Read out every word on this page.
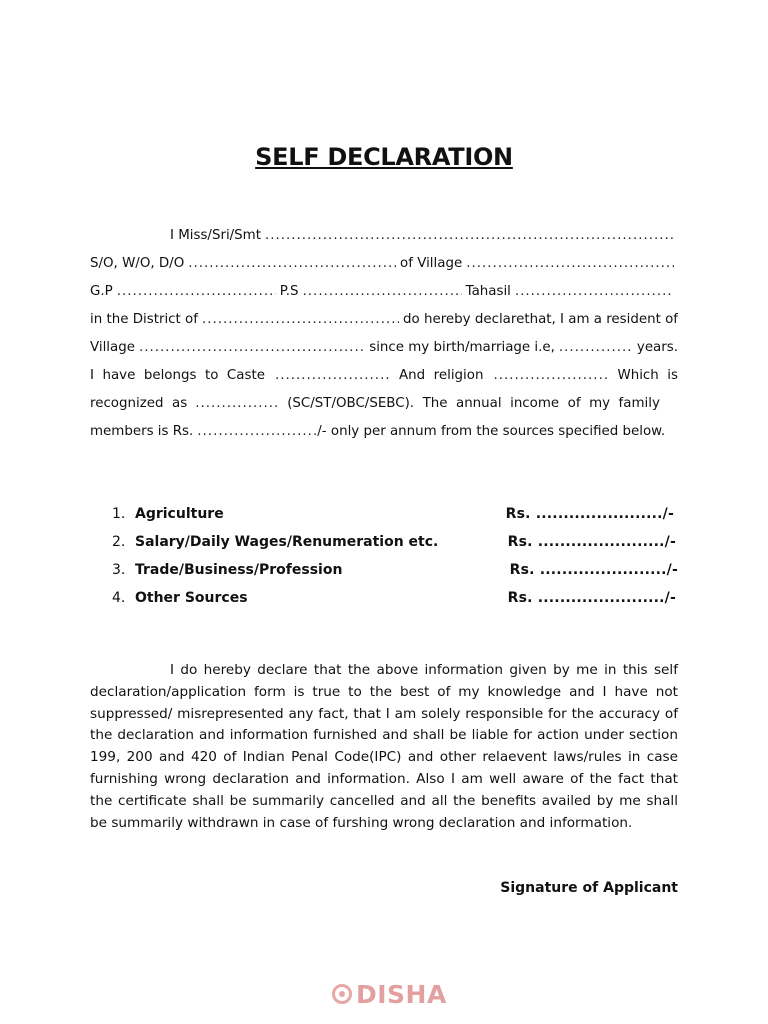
SELF DECLARATION
I Miss/Sri/Smt
.....
S/O, W/O, D/O .....	of Village
.....
G.P .....	P.S .....	Tahasil
.....
in the District of .....	do hereby declarethat, I am a resident of
Village .....	since my birth/marriage i.e, .....	years.
I  have  belongs  to  Caste .....	And  religion .....	Which  is
recognized  as .....	(SC/ST/OBC/SEBC).  The  annual  income  of  my  family
members is Rs. .....	/- only per annum from the sources specified below.
1. Agriculture	Rs. ......................./-
2. Salary/Daily Wages/Renumeration etc.	Rs. ......................./-
3. Trade/Business/Profession	Rs. ......................./-
4. Other Sources	Rs. ......................./-
I do hereby declare that the above information given by me in this self declaration/application form is true to the best of my knowledge and I have not suppressed/ misrepresented any fact, that I am solely responsible for the accuracy of the declaration and information furnished and shall be liable for action under section 199, 200 and 420 of Indian Penal Code(IPC) and other relaevent laws/rules in case furnishing wrong declaration and information. Also I am well aware of the fact that the certificate shall be summarily cancelled and all the benefits availed by me shall be summarily withdrawn in case of furshing wrong declaration and information.
Signature of Applicant
DISHA
